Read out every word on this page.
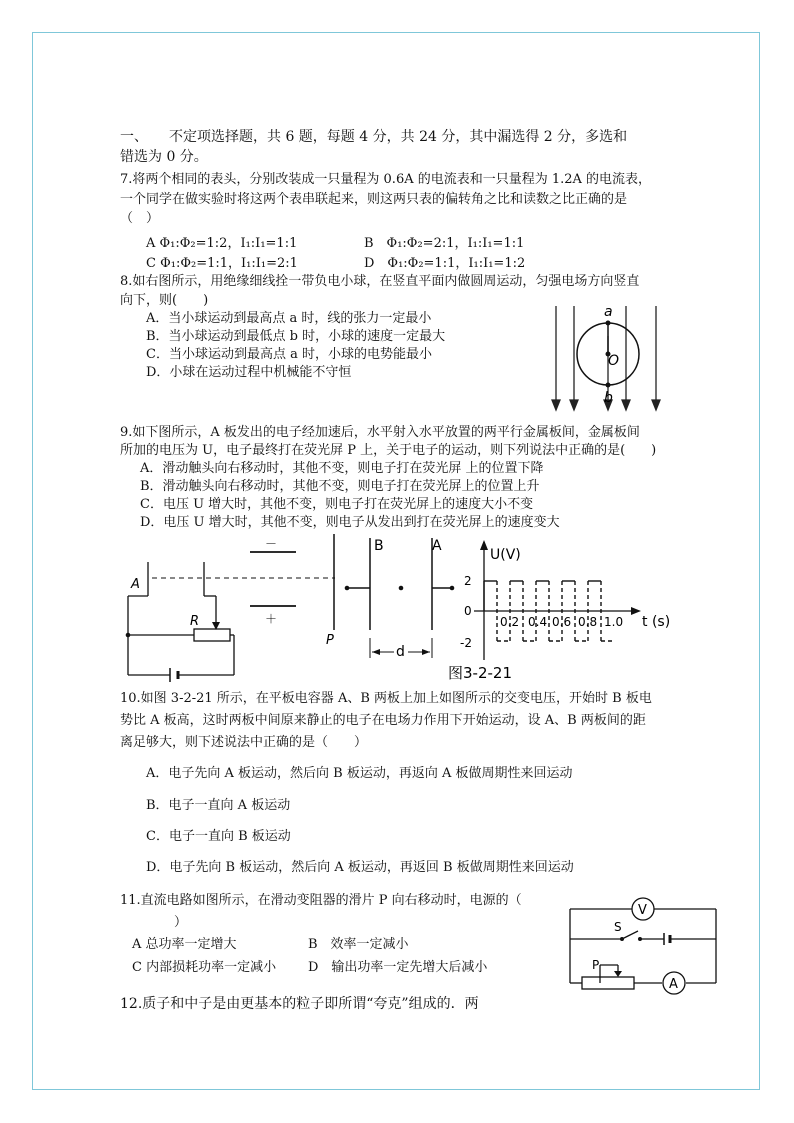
一、　　不定项选择题，共 6 题，每题 4 分，共 24 分，其中漏选得 2 分，多选和
错选为 0 分。
7.将两个相同的表头，分别改装成一只量程为 0.6A 的电流表和一只量程为 1.2A 的电流表，
一个同学在做实验时将这两个表串联起来，则这两只表的偏转角之比和读数之比正确的是
（　）
A Φ₁:Φ₂=1:2，I₁:I₁=1:1	B　Φ₁:Φ₂=2:1，I₁:I₁=1:1
C Φ₁:Φ₂=1:1，I₁:I₁=2:1	D　Φ₁:Φ₂=1:1，I₁:I₁=1:2
8.如右图所示，用绝缘细线拴一带负电小球，在竖直平面内做圆周运动，匀强电场方向竖直
向下，则(　　)
A．当小球运动到最高点 a 时，线的张力一定最小
B．当小球运动到最低点 b 时，小球的速度一定最大
C．当小球运动到最高点 a 时，小球的电势能最小
D．小球在运动过程中机械能不守恒
a
O
b
9.如下图所示，A 板发出的电子经加速后，水平射入水平放置的两平行金属板间，金属板间
所加的电压为 U，电子最终打在荧光屏 P 上，关于电子的运动，则下列说法中正确的是(　　)
A．滑动触头向右移动时，其他不变，则电子打在荧光屏 上的位置下降
B．滑动触头向右移动时，其他不变，则电子打在荧光屏上的位置上升
C．电压 U 增大时，其他不变，则电子打在荧光屏上的速度大小不变
D．电压 U 增大时，其他不变，则电子从发出到打在荧光屏上的速度变大
A
R
－
＋
P
B	A
d
U(V)
t (s)
2
0
-2
0.2 0.4 0.6 0.8 1.0
图3-2-21
10.如图 3-2-21 所示，在平板电容器 A、B 两板上加上如图所示的交变电压，开始时 B 板电
势比 A 板高，这时两板中间原来静止的电子在电场力作用下开始运动，设 A、B 两板间的距
离足够大，则下述说法中正确的是（　　）
A．电子先向 A 板运动，然后向 B 板运动，再返向 A 板做周期性来回运动
B．电子一直向 A 板运动
C．电子一直向 B 板运动
D．电子先向 B 板运动，然后向 A 板运动，再返回 B 板做周期性来回运动
11.直流电路如图所示，在滑动变阻器的滑片 P 向右移动时，电源的（
）
A 总功率一定增大	B　效率一定减小
C 内部损耗功率一定减小 D　输出功率一定先增大后减小
V
A
S
P
12.质子和中子是由更基本的粒子即所谓“夸克”组成的．两
